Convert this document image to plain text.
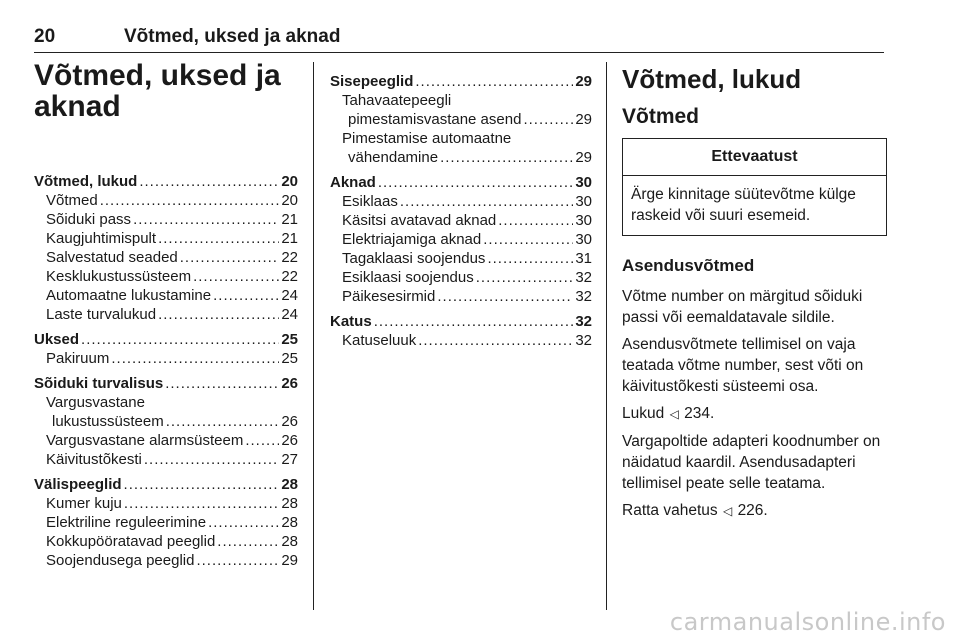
20	Võtmed, uksed ja aknad
Võtmed, uksed ja
aknad
Võtmed, lukud .....	20
Võtmed .....	20
Sõiduki pass .....	21
Kaugjuhtimispult .....	21
Salvestatud seaded .....	22
Kesklukustussüsteem .....	22
Automaatne lukustamine .....	24
Laste turvalukud .....	24
Uksed .....	25
Pakiruum .....	25
Sõiduki turvalisus .....	26
Vargusvastane
lukustussüsteem .....	26
Vargusvastane alarmsüsteem .....	26
Käivitustõkesti .....	27
Välispeeglid .....	28
Kumer kuju .....	28
Elektriline reguleerimine .....	28
Kokkupööratavad peeglid .....	28
Soojendusega peeglid .....	29
Sisepeeglid .....	29
Tahavaatepeegli
pimestamisvastane asend .....	29
Pimestamise automaatne
vähendamine .....	29
Aknad .....	30
Esiklaas .....	30
Käsitsi avatavad aknad .....	30
Elektriajamiga aknad .....	30
Tagaklaasi soojendus .....	31
Esiklaasi soojendus .....	32
Päikesesirmid .....	32
Katus .....	32
Katuseluuk .....	32
Võtmed, lukud
Võtmed
Ettevaatust
Ärge kinnitage süütevõtme külge raskeid või suuri esemeid.
Asendusvõtmed
Võtme number on märgitud sõiduki passi või eemaldatavale sildile.
Asendusvõtmete tellimisel on vaja teatada võtme number, sest võti on käivitustõkesti süsteemi osa.
Lukud ◁ 234.
Vargapoltide adapteri koodnumber on näidatud kaardil. Asendusadapteri tellimisel peate selle teatama.
Ratta vahetus ◁ 226.
carmanualsonline.info
